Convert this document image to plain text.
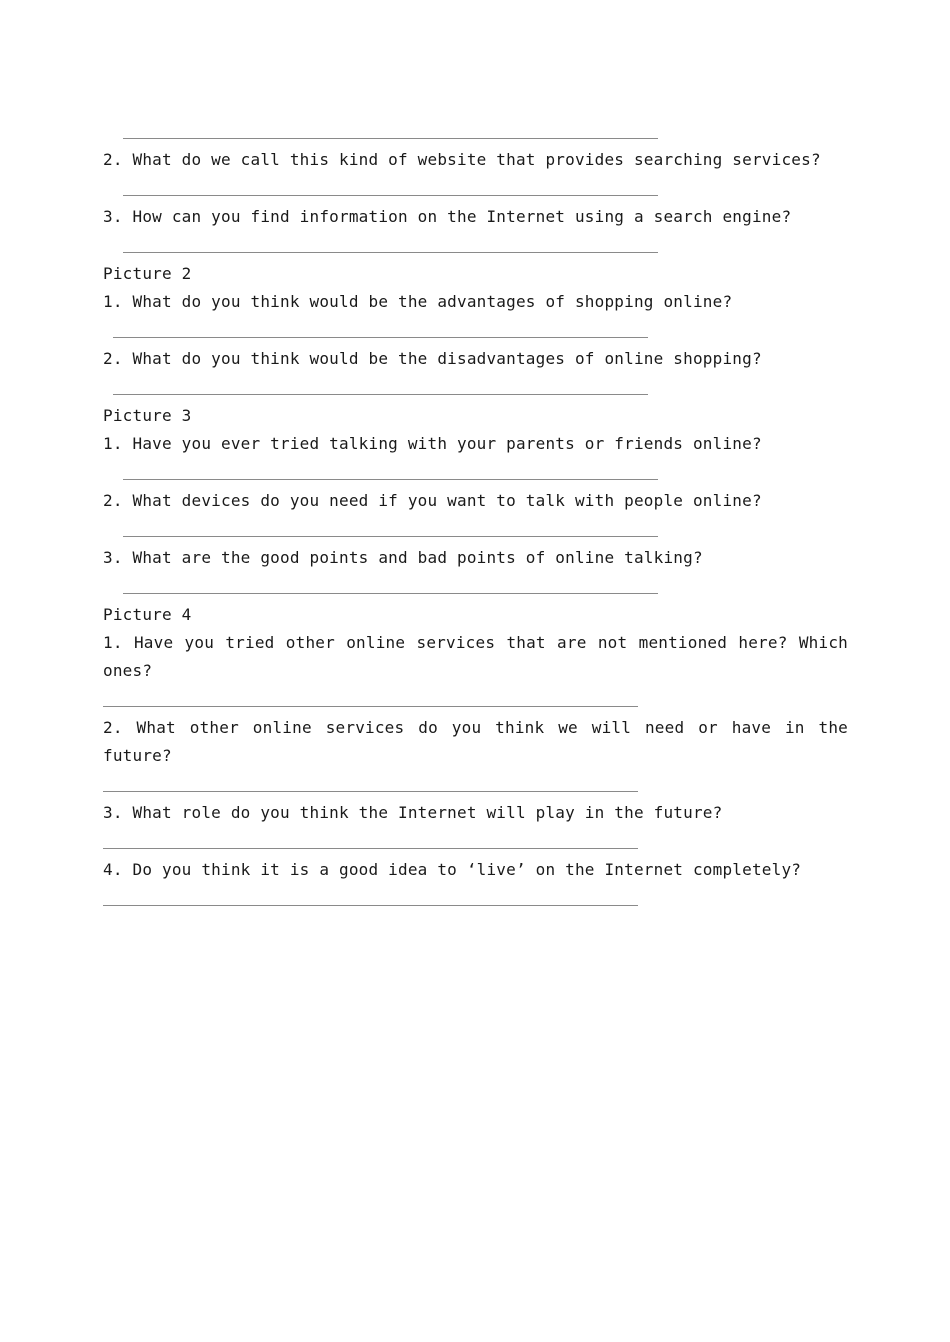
2. What do we call this kind of website that provides searching services?
3. How can you find information on the Internet using a search engine?
Picture 2
1. What do you think would be the advantages of shopping online?
2. What do you think would be the disadvantages of online shopping?
Picture 3
1. Have you ever tried talking with your parents or friends online?
2. What devices do you need if you want to talk with people online?
3. What are the good points and bad points of online talking?
Picture 4
1. Have you tried other online services that are not mentioned here? Which ones?
2. What other online services do you think we will need or have in the future?
3. What role do you think the Internet will play in the future?
4. Do you think it is a good idea to ‘live’ on the Internet completely?
